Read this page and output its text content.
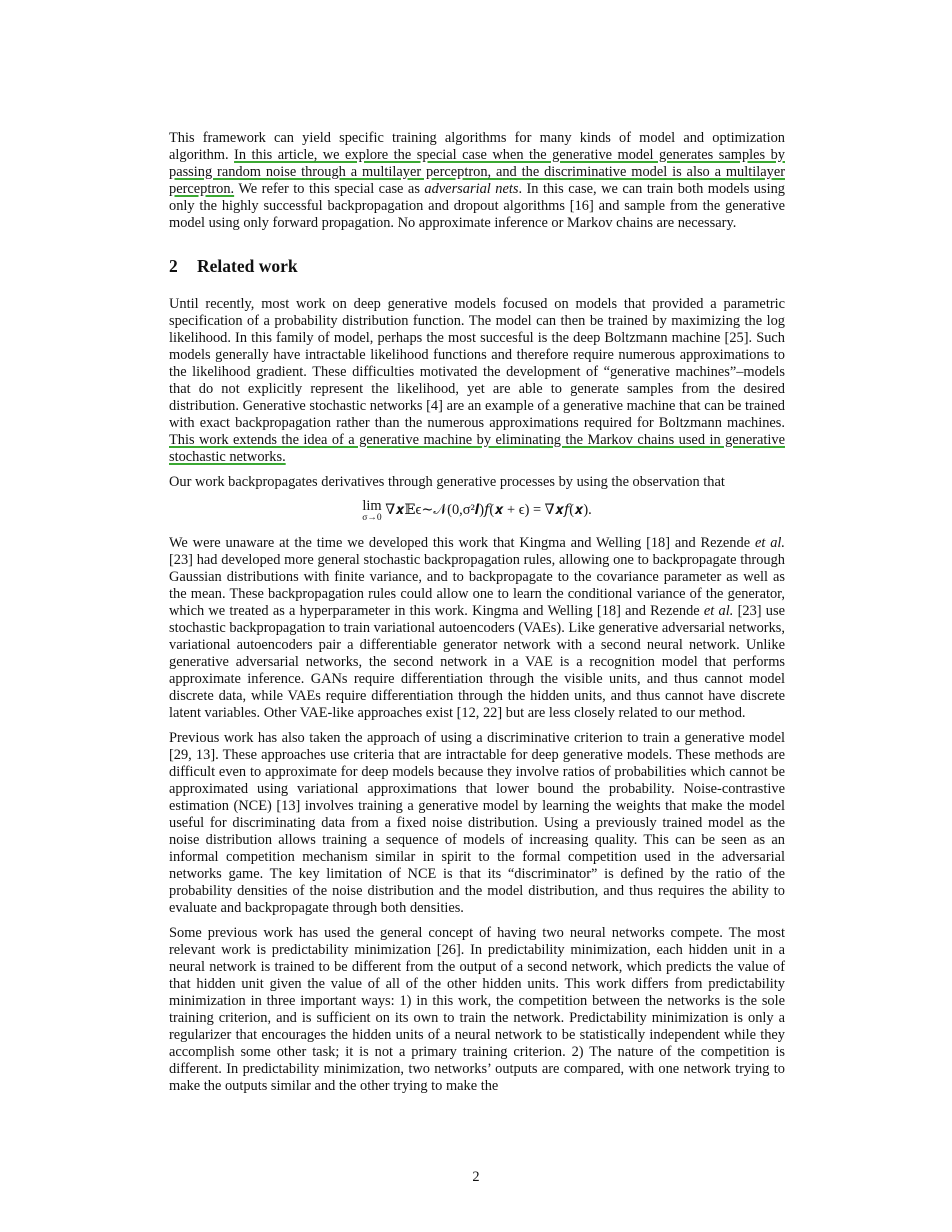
This framework can yield specific training algorithms for many kinds of model and optimization algorithm. In this article, we explore the special case when the generative model generates samples by passing random noise through a multilayer perceptron, and the discriminative model is also a multilayer perceptron. We refer to this special case as adversarial nets. In this case, we can train both models using only the highly successful backpropagation and dropout algorithms [16] and sample from the generative model using only forward propagation. No approximate inference or Markov chains are necessary.

2	Related work

Until recently, most work on deep generative models focused on models that provided a parametric specification of a probability distribution function. The model can then be trained by maximizing the log likelihood. In this family of model, perhaps the most succesful is the deep Boltzmann machine [25]. Such models generally have intractable likelihood functions and therefore require numerous approximations to the likelihood gradient. These difficulties motivated the development of “generative machines”–models that do not explicitly represent the likelihood, yet are able to generate samples from the desired distribution. Generative stochastic networks [4] are an example of a generative machine that can be trained with exact backpropagation rather than the numerous approximations required for Boltzmann machines. This work extends the idea of a generative machine by eliminating the Markov chains used in generative stochastic networks.

Our work backpropagates derivatives through generative processes by using the observation that

lim
σ→0 ∇𝒙𝔼ϵ∼𝒩(0,σ²𝑰)𝑓(𝒙 + ϵ) = ∇𝒙𝑓(𝒙).

We were unaware at the time we developed this work that Kingma and Welling [18] and Rezende et al. [23] had developed more general stochastic backpropagation rules, allowing one to backpropagate through Gaussian distributions with finite variance, and to backpropagate to the covariance parameter as well as the mean. These backpropagation rules could allow one to learn the conditional variance of the generator, which we treated as a hyperparameter in this work. Kingma and Welling [18] and Rezende et al. [23] use stochastic backpropagation to train variational autoencoders (VAEs). Like generative adversarial networks, variational autoencoders pair a differentiable generator network with a second neural network. Unlike generative adversarial networks, the second network in a VAE is a recognition model that performs approximate inference. GANs require differentiation through the visible units, and thus cannot model discrete data, while VAEs require differentiation through the hidden units, and thus cannot have discrete latent variables. Other VAE-like approaches exist [12, 22] but are less closely related to our method.

Previous work has also taken the approach of using a discriminative criterion to train a generative model [29, 13]. These approaches use criteria that are intractable for deep generative models. These methods are difficult even to approximate for deep models because they involve ratios of probabilities which cannot be approximated using variational approximations that lower bound the probability. Noise-contrastive estimation (NCE) [13] involves training a generative model by learning the weights that make the model useful for discriminating data from a fixed noise distribution. Using a previously trained model as the noise distribution allows training a sequence of models of increasing quality. This can be seen as an informal competition mechanism similar in spirit to the formal competition used in the adversarial networks game. The key limitation of NCE is that its “discriminator” is defined by the ratio of the probability densities of the noise distribution and the model distribution, and thus requires the ability to evaluate and backpropagate through both densities.

Some previous work has used the general concept of having two neural networks compete. The most relevant work is predictability minimization [26]. In predictability minimization, each hidden unit in a neural network is trained to be different from the output of a second network, which predicts the value of that hidden unit given the value of all of the other hidden units. This work differs from predictability minimization in three important ways: 1) in this work, the competition between the networks is the sole training criterion, and is sufficient on its own to train the network. Predictability minimization is only a regularizer that encourages the hidden units of a neural network to be statistically independent while they accomplish some other task; it is not a primary training criterion. 2) The nature of the competition is different. In predictability minimization, two networks’ outputs are compared, with one network trying to make the outputs similar and the other trying to make the

2
